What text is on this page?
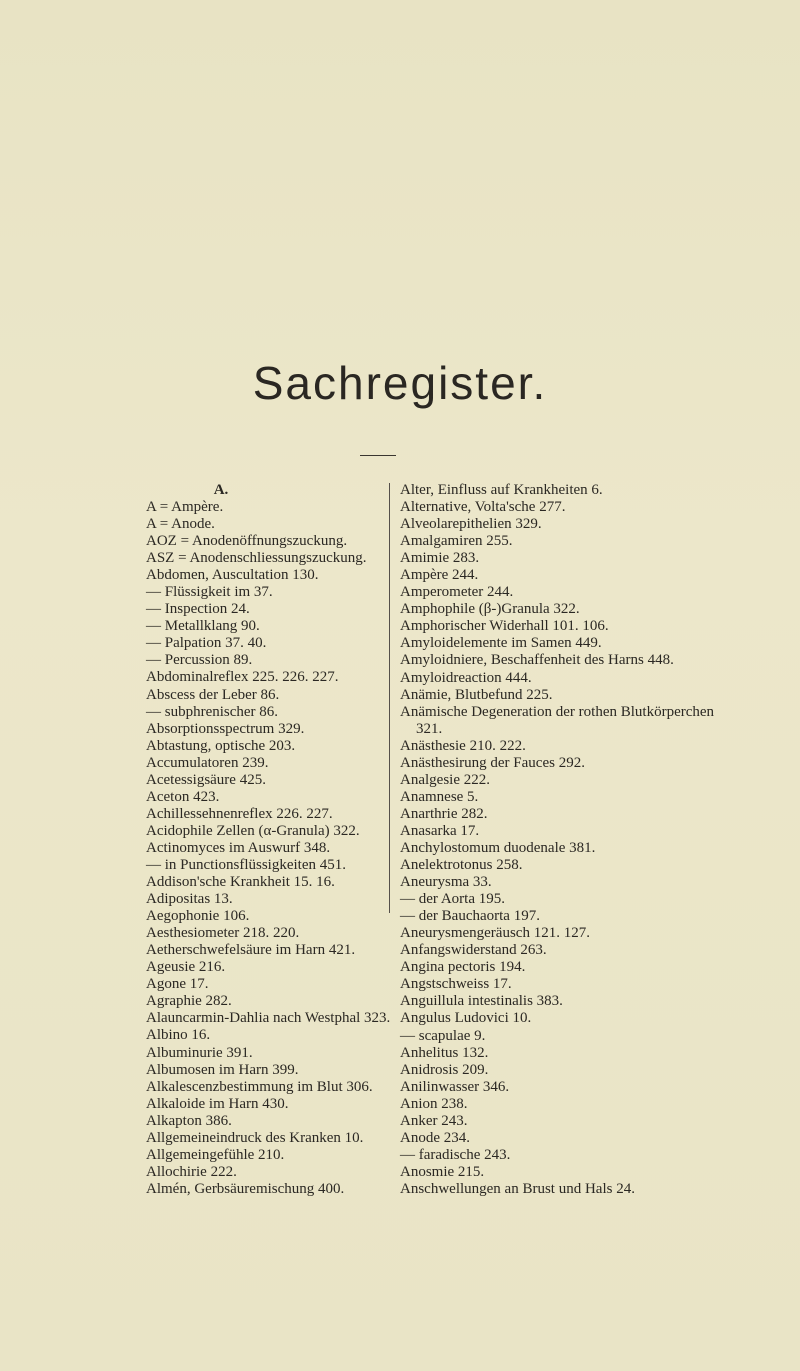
Sachregister.
A.
A = Ampère.
A = Anode.
AOZ = Anodenöffnungszuckung.
ASZ = Anodenschliessungszuckung.
Abdomen, Auscultation 130.
— Flüssigkeit im 37.
— Inspection 24.
— Metallklang 90.
— Palpation 37. 40.
— Percussion 89.
Abdominalreflex 225. 226. 227.
Abscess der Leber 86.
— subphrenischer 86.
Absorptionsspectrum 329.
Abtastung, optische 203.
Accumulatoren 239.
Acetessigsäure 425.
Aceton 423.
Achillessehnenreflex 226. 227.
Acidophile Zellen (α-Granula) 322.
Actinomyces im Auswurf 348.
— in Punctionsflüssigkeiten 451.
Addison'sche Krankheit 15. 16.
Adipositas 13.
Aegophonie 106.
Aesthesiometer 218. 220.
Aetherschwefelsäure im Harn 421.
Ageusie 216.
Agone 17.
Agraphie 282.
Alauncarmin-Dahlia nach Westphal 323.
Albino 16.
Albuminurie 391.
Albumosen im Harn 399.
Alkalescenzbestimmung im Blut 306.
Alkaloide im Harn 430.
Alkapton 386.
Allgemeineindruck des Kranken 10.
Allgemeingefühle 210.
Allochirie 222.
Almén, Gerbsäuremischung 400.
Alter, Einfluss auf Krankheiten 6.
Alternative, Volta'sche 277.
Alveolarepithelien 329.
Amalgamiren 255.
Amimie 283.
Ampère 244.
Amperometer 244.
Amphophile (β-)Granula 322.
Amphorischer Widerhall 101. 106.
Amyloidelemente im Samen 449.
Amyloidniere, Beschaffenheit des Harns 448.
Amyloidreaction 444.
Anämie, Blutbefund 225.
Anämische Degeneration der rothen Blutkörperchen 321.
Anästhesie 210. 222.
Anästhesirung der Fauces 292.
Analgesie 222.
Anamnese 5.
Anarthrie 282.
Anasarka 17.
Anchylostomum duodenale 381.
Anelektrotonus 258.
Aneurysma 33.
— der Aorta 195.
— der Bauchaorta 197.
Aneurysmengeräusch 121. 127.
Anfangswiderstand 263.
Angina pectoris 194.
Angstschweiss 17.
Anguillula intestinalis 383.
Angulus Ludovici 10.
— scapulae 9.
Anhelitus 132.
Anidrosis 209.
Anilinwasser 346.
Anion 238.
Anker 243.
Anode 234.
— faradische 243.
Anosmie 215.
Anschwellungen an Brust und Hals 24.
